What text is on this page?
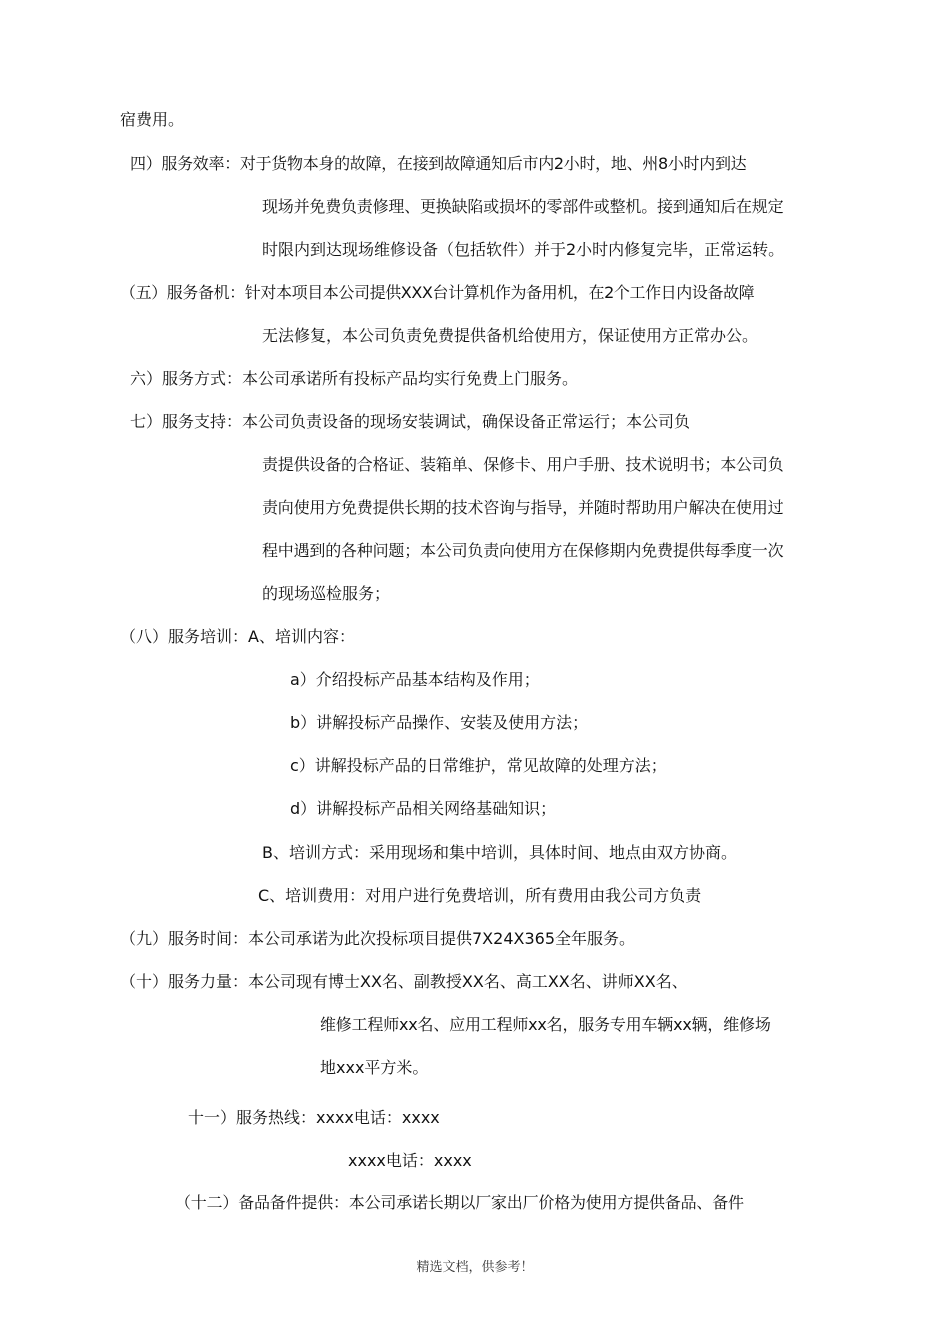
宿费用。
四）服务效率：对于货物本身的故障，在接到故障通知后市内2小时，地、州8小时内到达
现场并免费负责修理、更换缺陷或损坏的零部件或整机。接到通知后在规定
时限内到达现场维修设备（包括软件）并于2小时内修复完毕，正常运转。
（五）服务备机：针对本项目本公司提供XXX台计算机作为备用机，在2个工作日内设备故障
无法修复，本公司负责免费提供备机给使用方，保证使用方正常办公。
六）服务方式：本公司承诺所有投标产品均实行免费上门服务。
七）服务支持：本公司负责设备的现场安装调试，确保设备正常运行；本公司负
责提供设备的合格证、装箱单、保修卡、用户手册、技术说明书；本公司负
责向使用方免费提供长期的技术咨询与指导，并随时帮助用户解决在使用过
程中遇到的各种问题；本公司负责向使用方在保修期内免费提供每季度一次
的现场巡检服务；
（八）服务培训：A、培训内容：
a）介绍投标产品基本结构及作用；
b）讲解投标产品操作、安装及使用方法；
c）讲解投标产品的日常维护，常见故障的处理方法；
d）讲解投标产品相关网络基础知识；
B、培训方式：采用现场和集中培训，具体时间、地点由双方协商。
C、培训费用：对用户进行免费培训，所有费用由我公司方负责
（九）服务时间：本公司承诺为此次投标项目提供7X24X365全年服务。
（十）服务力量：本公司现有博士XX名、副教授XX名、高工XX名、讲师XX名、
维修工程师xx名、应用工程师xx名，服务专用车辆xx辆，维修场
地xxx平方米。
十一）服务热线：xxxx电话：xxxx
xxxx电话：xxxx
（十二）备品备件提供：本公司承诺长期以厂家出厂价格为使用方提供备品、备件
精选文档，供参考！
